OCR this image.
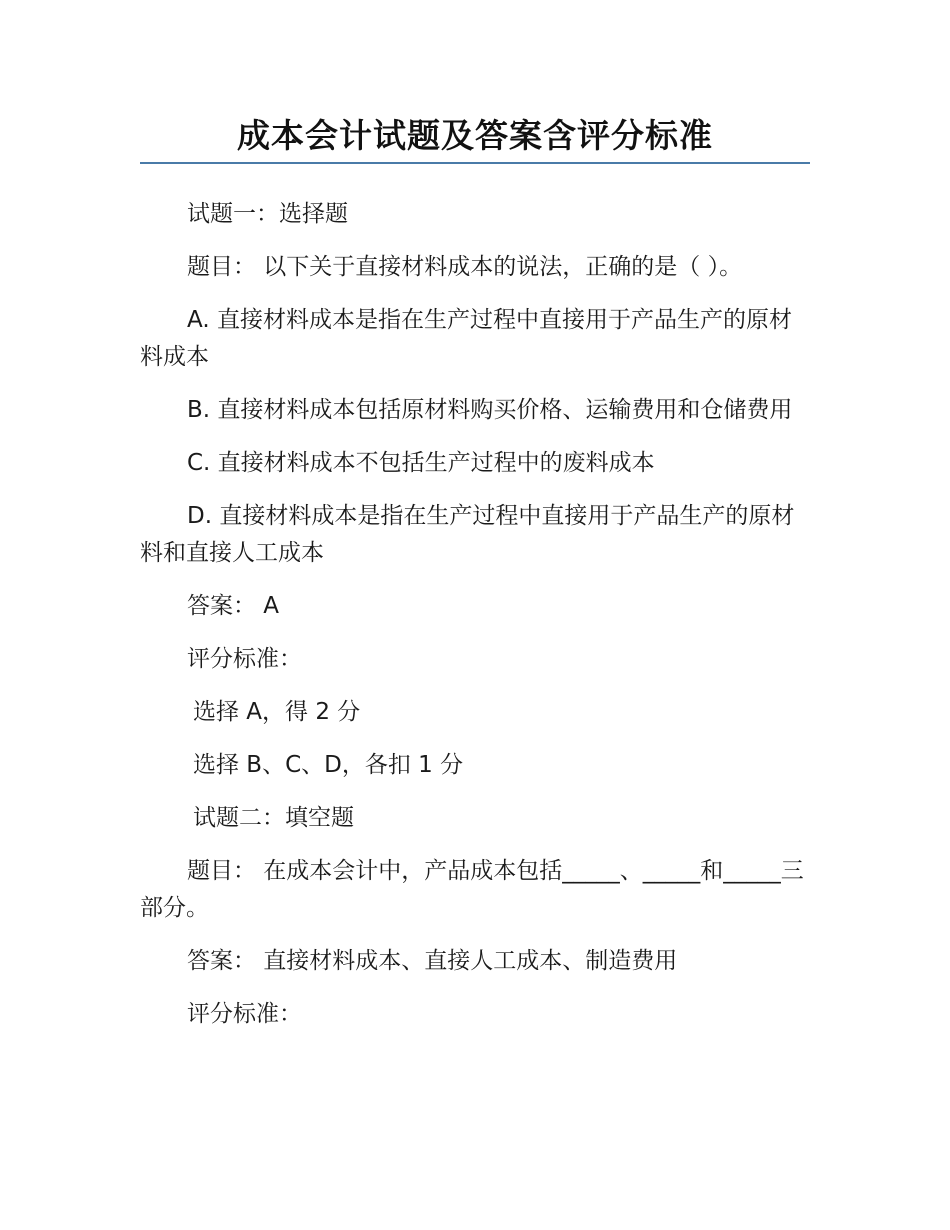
成本会计试题及答案含评分标准

试题一：选择题

题目： 以下关于直接材料成本的说法，正确的是（ ）。

A. 直接材料成本是指在生产过程中直接用于产品生产的原材料成本

B. 直接材料成本包括原材料购买价格、运输费用和仓储费用

C. 直接材料成本不包括生产过程中的废料成本

D. 直接材料成本是指在生产过程中直接用于产品生产的原材料和直接人工成本

答案： A

评分标准：

选择 A，得 2 分

选择 B、C、D，各扣 1 分

试题二：填空题

题目： 在成本会计中，产品成本包括_____、_____和_____三部分。

答案： 直接材料成本、直接人工成本、制造费用

评分标准：
